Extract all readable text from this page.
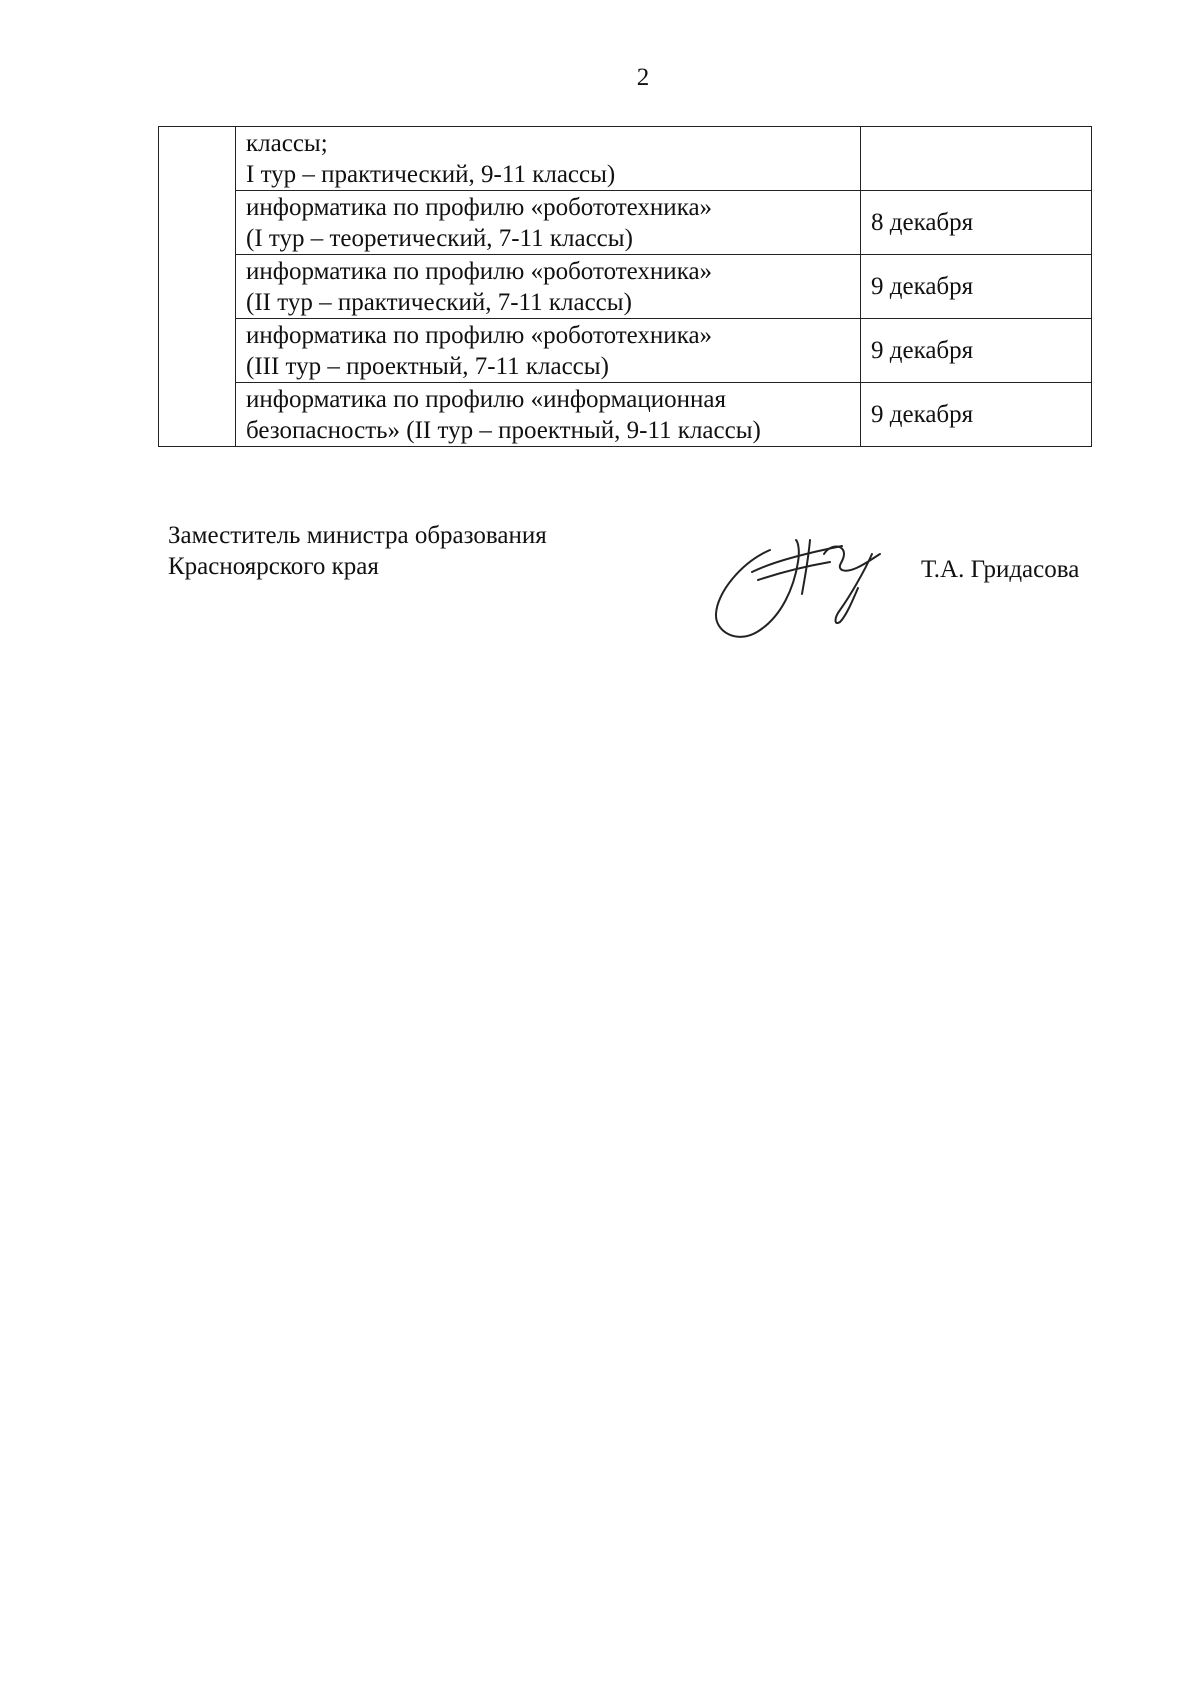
2

	классы;
I тур – практический, 9-11 классы)	

	информатика по профилю «робототехника»
(I тур – теоретический, 7-11 классы)	8 декабря

	информатика по профилю «робототехника»
(II тур – практический, 7-11 классы)	9 декабря

	информатика по профилю «робототехника»
(III тур – проектный, 7-11 классы)	9 декабря

	информатика по профилю «информационная
безопасность» (II тур – проектный, 9-11 классы)	9 декабря
Заместитель министра образования
Красноярского края	Т.А. Гридасова
